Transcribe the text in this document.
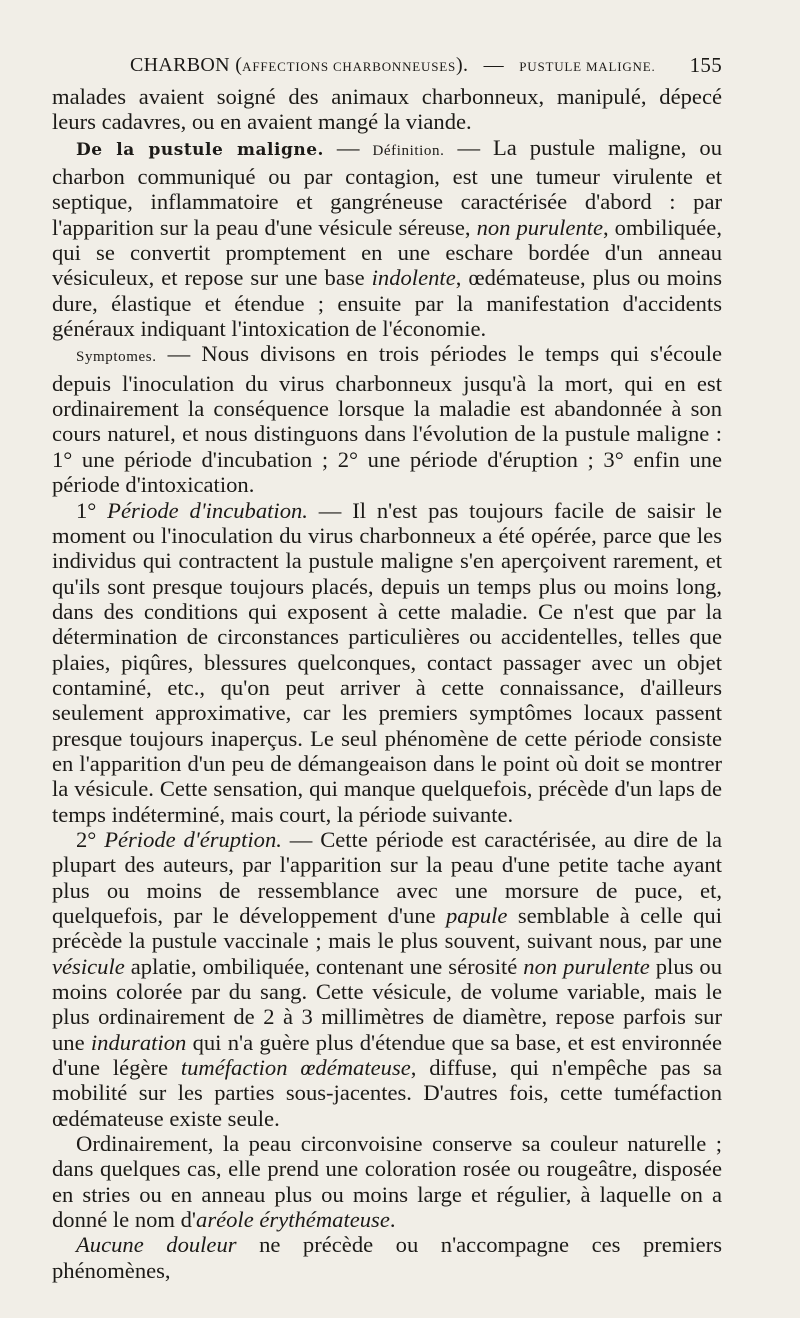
CHARBON (AFFECTIONS CHARBONNEUSES). — PUSTULE MALIGNE. 155

malades avaient soigné des animaux charbonneux, manipulé, dépecé leurs cadavres, ou en avaient mangé la viande.

De la pustule maligne. — Définition. — La pustule maligne, ou charbon communiqué ou par contagion, est une tumeur virulente et septique, inflammatoire et gangréneuse caractérisée d'abord : par l'apparition sur la peau d'une vésicule séreuse, non purulente, ombiliquée, qui se convertit promptement en une eschare bordée d'un anneau vésiculeux, et repose sur une base indolente, œdémateuse, plus ou moins dure, élastique et étendue ; ensuite par la manifestation d'accidents généraux indiquant l'intoxication de l'économie.

Symptomes. — Nous divisons en trois périodes le temps qui s'écoule depuis l'inoculation du virus charbonneux jusqu'à la mort, qui en est ordinairement la conséquence lorsque la maladie est abandonnée à son cours naturel, et nous distinguons dans l'évolution de la pustule maligne : 1° une période d'incubation ; 2° une période d'éruption ; 3° enfin une période d'intoxication.

1° Période d'incubation. — Il n'est pas toujours facile de saisir le moment ou l'inoculation du virus charbonneux a été opérée, parce que les individus qui contractent la pustule maligne s'en aperçoivent rarement, et qu'ils sont presque toujours placés, depuis un temps plus ou moins long, dans des conditions qui exposent à cette maladie. Ce n'est que par la détermination de circonstances particulières ou accidentelles, telles que plaies, piqûres, blessures quelconques, contact passager avec un objet contaminé, etc., qu'on peut arriver à cette connaissance, d'ailleurs seulement approximative, car les premiers symptômes locaux passent presque toujours inaperçus. Le seul phénomène de cette période consiste en l'apparition d'un peu de démangeaison dans le point où doit se montrer la vésicule. Cette sensation, qui manque quelquefois, précède d'un laps de temps indéterminé, mais court, la période suivante.

2° Période d'éruption. — Cette période est caractérisée, au dire de la plupart des auteurs, par l'apparition sur la peau d'une petite tache ayant plus ou moins de ressemblance avec une morsure de puce, et, quelquefois, par le développement d'une papule semblable à celle qui précède la pustule vaccinale ; mais le plus souvent, suivant nous, par une vésicule aplatie, ombiliquée, contenant une sérosité non purulente plus ou moins colorée par du sang. Cette vésicule, de volume variable, mais le plus ordinairement de 2 à 3 millimètres de diamètre, repose parfois sur une induration qui n'a guère plus d'étendue que sa base, et est environnée d'une légère tuméfaction œdémateuse, diffuse, qui n'empêche pas sa mobilité sur les parties sous-jacentes. D'autres fois, cette tuméfaction œdémateuse existe seule.

Ordinairement, la peau circonvoisine conserve sa couleur naturelle ; dans quelques cas, elle prend une coloration rosée ou rougeâtre, disposée en stries ou en anneau plus ou moins large et régulier, à laquelle on a donné le nom d'aréole érythémateuse.

Aucune douleur ne précède ou n'accompagne ces premiers phénomènes,
